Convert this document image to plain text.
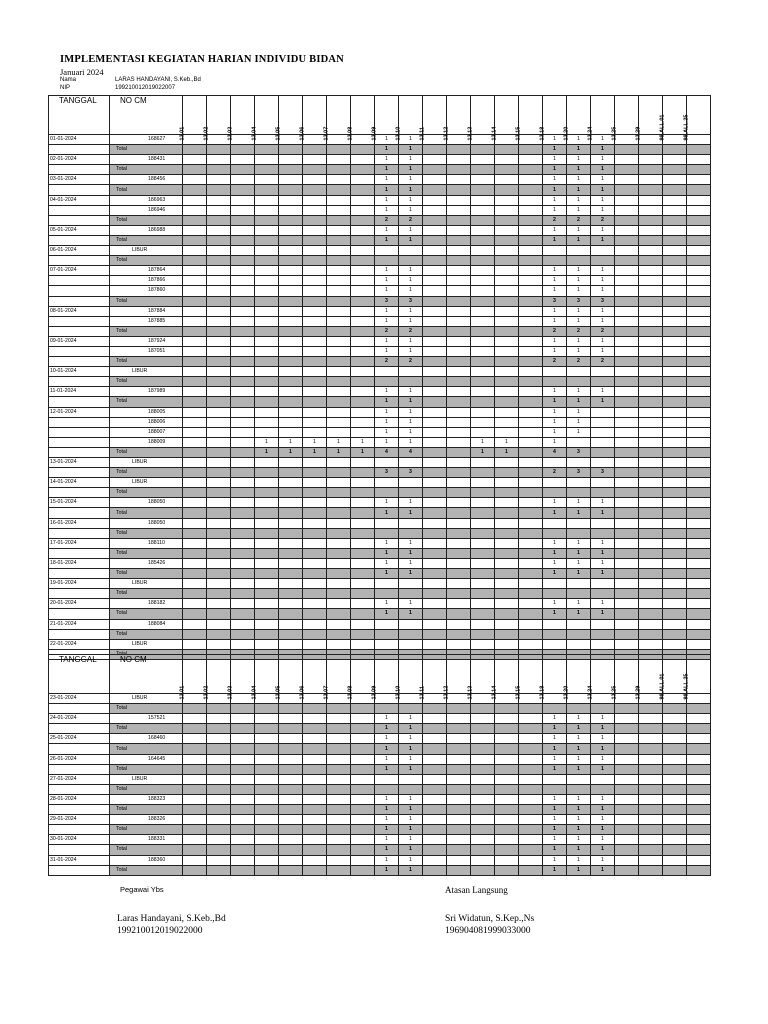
IMPLEMENTASI KEGIATAN HARIAN INDIVIDU BIDAN
Januari 2024
Nama	LARAS HANDAYANI, S.Keb.,Bd
NIP	199210012019022007
TANGGAL	NO CM	13.01	13.02	13.03	13.04	13.05	13.06	13.07	13.08	13.09	13.10	13.11	13.12	13.13	13.14	13.15	13.18	13.20	13.24	13.25	13.29	98.ALL.01	98.ALL.25

01-01-2024	168627									1	1						1	1	1				
	Total									1	1						1	1	1				
02-01-2024	188431									1	1						1	1	1				
	Total									1	1						1	1	1				
03-01-2024	188456									1	1						1	1	1				
	Total									1	1						1	1	1				
04-01-2024	186963									1	1						1	1	1				
	186946									1	1						1	1	1				
	Total									2	2						2	2	2				
05-01-2024	186988									1	1						1	1	1				
	Total									1	1						1	1	1				
06-01-2024	LIBUR																						
	Total																						
07-01-2024	187864									1	1						1	1	1				
	187866									1	1						1	1	1				
	187860									1	1						1	1	1				
	Total									3	3						3	3	3				
08-01-2024	187884									1	1						1	1	1				
	187885									1	1						1	1	1				
	Total									2	2						2	2	2				
09-01-2024	187924									1	1						1	1	1				
	187051									1	1						1	1	1				
	Total									2	2						2	2	2				
10-01-2024	LIBUR																						
	Total																						
11-01-2024	187989									1	1						1	1	1				
	Total									1	1						1	1	1				
12-01-2024	188005									1	1						1	1					
	188006									1	1						1	1					
	188007									1	1						1	1					
	188009				1	1	1	1	1	1	1			1	1		1						
	Total				1	1	1	1	1	4	4			1	1		4	3					
13-01-2024	LIBUR																						
	Total									3	3						2	3	3				
14-01-2024	LIBUR																						
	Total																						
15-01-2024	188050									1	1						1	1	1				
	Total									1	1						1	1	1				
16-01-2024	188050																						
	Total																						
17-01-2024	188110									1	1						1	1	1				
	Total									1	1						1	1	1				
18-01-2024	185426									1	1						1	1	1				
	Total									1	1						1	1	1				
19-01-2024	LIBUR																						
	Total																						
20-01-2024	188182									1	1						1	1	1				
	Total									1	1						1	1	1				
21-01-2024	188084																						
	Total																						
22-01-2024	LIBUR																						
	Total																						
TANGGAL	NO CM	13.01	13.02	13.03	13.04	13.05	13.06	13.07	13.08	13.09	13.10	13.11	13.12	13.13	13.14	13.15	13.18	13.20	13.24	13.25	13.29	98.ALL.01	98.ALL.25

23-01-2024	LIBUR																						
	Total																						
24-01-2024	157521									1	1						1	1	1				
	Total									1	1						1	1	1				
25-01-2024	168460									1	1						1	1	1				
	Total									1	1						1	1	1				
26-01-2024	164645									1	1						1	1	1				
	Total									1	1						1	1	1				
27-01-2024	LIBUR																						
	Total																						
28-01-2024	188323									1	1						1	1	1				
	Total									1	1						1	1	1				
29-01-2024	188326									1	1						1	1	1				
	Total									1	1						1	1	1				
30-01-2024	188331									1	1						1	1	1				
	Total									1	1						1	1	1				
31-01-2024	188360									1	1						1	1	1				
	Total									1	1						1	1	1				
Pegawai Ybs	Atasan Langsung
Laras Handayani, S.Keb.,Bd
199210012019022000
Sri Widatun, S.Kep.,Ns
196904081999033000
